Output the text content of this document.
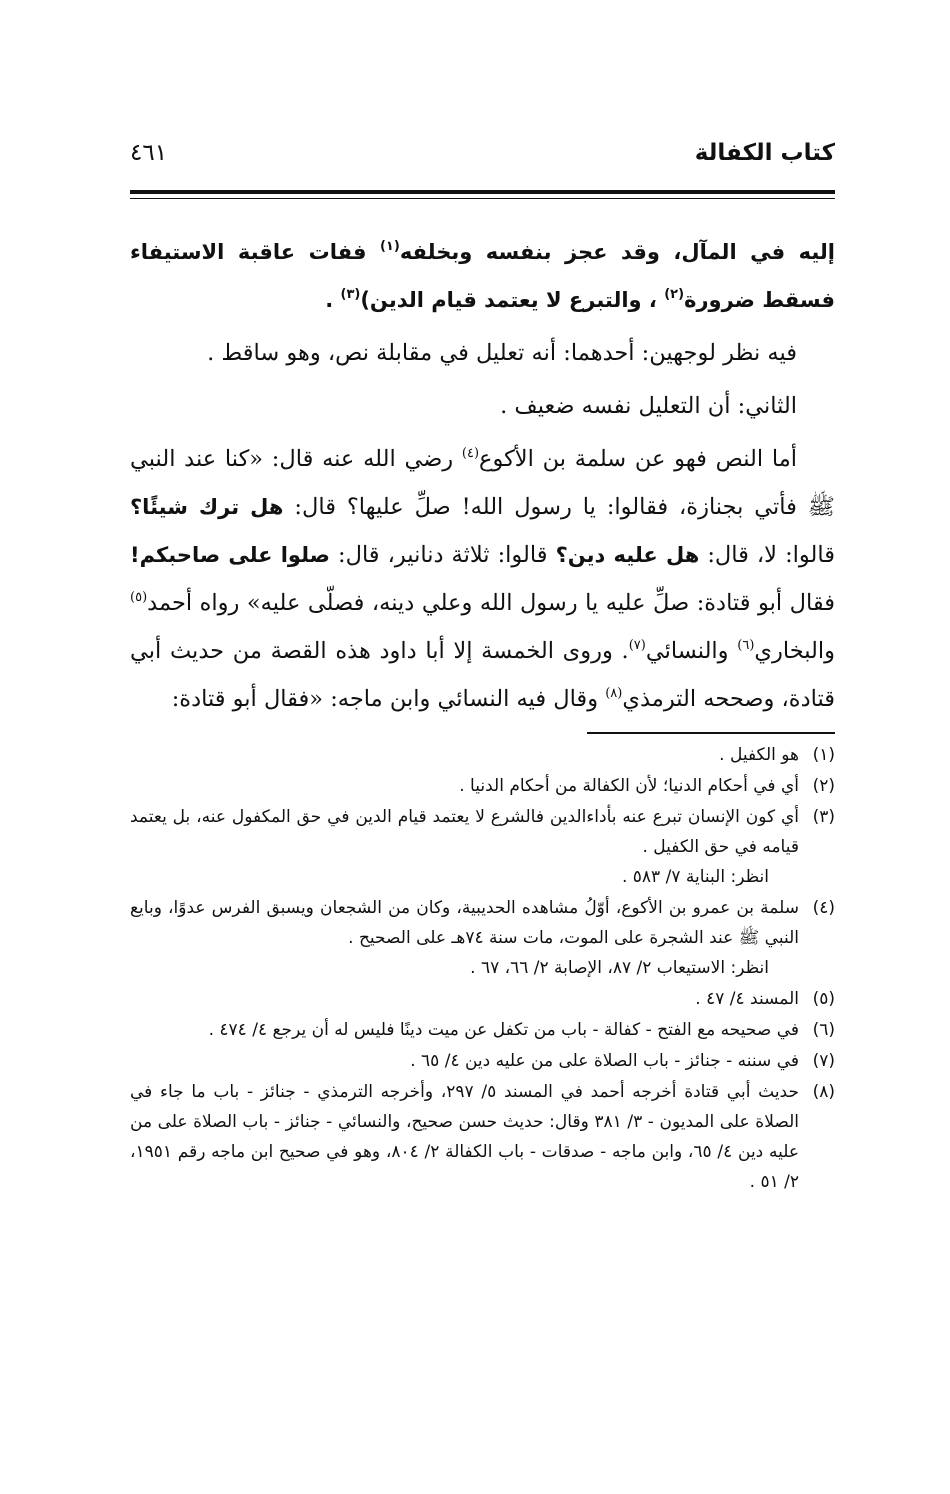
كتاب الكفالة
٤٦١

إليه في المآل، وقد عجز بنفسه وبخلفه$^{(١)}$ ففات عاقبة الاستيفاء فسقط ضرورة$^{(٢)}$ ، والتبرع لا يعتمد قيام الدين)$^{(٣)}$ .

فيه نظر لوجهين: أحدهما: أنه تعليل في مقابلة نص، وهو ساقط .

الثاني: أن التعليل نفسه ضعيف .

أما النص فهو عن سلمة بن الأكوع$^{(٤)}$ رضي الله عنه قال: «كنا عند النبي ﷺ فأتي بجنازة، فقالوا: يا رسول الله! صلِّ عليها؟ قال: هل ترك شيئًا؟ قالوا: لا، قال: هل عليه دين؟ قالوا: ثلاثة دنانير، قال: صلوا على صاحبكم! فقال أبو قتادة: صلِّ عليه يا رسول الله وعلي دينه، فصلّى عليه» رواه أحمد$^{(٥)}$ والبخاري$^{(٦)}$ والنسائي$^{(٧)}$. وروى الخمسة إلا أبا داود هذه القصة من حديث أبي قتادة، وصححه الترمذي$^{(٨)}$ وقال فيه النسائي وابن ماجه: «فقال أبو قتادة:

(١)
هو الكفيل .
(٢)
أي في أحكام الدنيا؛ لأن الكفالة من أحكام الدنيا .
(٣)
أي كون الإنسان تبرع عنه بأداءالدين فالشرع لا يعتمد قيام الدين في حق المكفول عنه، بل يعتمد قيامه في حق الكفيل .
انظر: البناية ٧/ ٥٨٣ .
(٤)
سلمة بن عمرو بن الأكوع، أوّلُ مشاهده الحديبية، وكان من الشجعان ويسبق الفرس عدوًا، وبايع النبي ﷺ عند الشجرة على الموت، مات سنة ٧٤هـ على الصحيح .
انظر: الاستيعاب ٢/ ٨٧، الإصابة ٢/ ٦٦، ٦٧ .
(٥)
المسند ٤/ ٤٧ .
(٦)
في صحيحه مع الفتح - كفالة - باب من تكفل عن ميت دينًا فليس له أن يرجع ٤/ ٤٧٤ .
(٧)
في سننه - جنائز - باب الصلاة على من عليه دين ٤/ ٦٥ .
(٨)
حديث أبي قتادة أخرجه أحمد في المسند ٥/ ٢٩٧، وأخرجه الترمذي - جنائز - باب ما جاء في الصلاة على المديون - ٣/ ٣٨١ وقال: حديث حسن صحيح، والنسائي - جنائز - باب الصلاة على من عليه دين ٤/ ٦٥، وابن ماجه - صدقات - باب الكفالة ٢/ ٨٠٤، وهو في صحيح ابن ماجه رقم ١٩٥١، ٢/ ٥١ .
